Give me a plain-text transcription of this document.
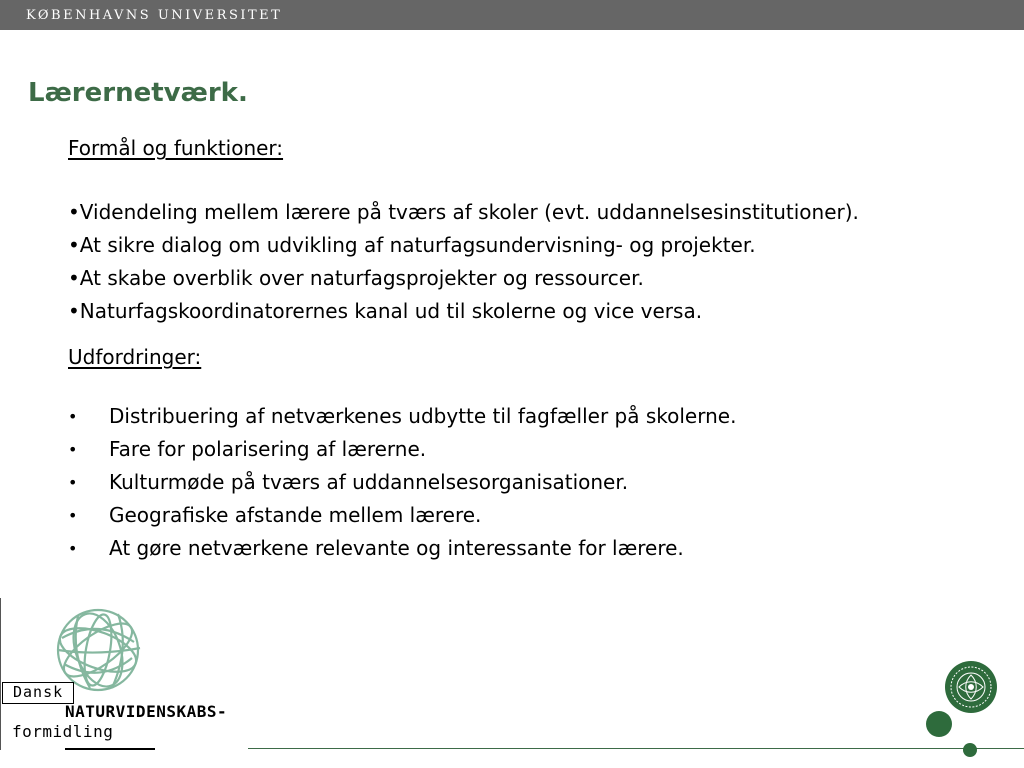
KØBENHAVNS UNIVERSITET
Lærernetværk.
Formål og funktioner:
•Videndeling mellem lærere på tværs af skoler (evt. uddannelsesinstitutioner).
•At sikre dialog om udvikling af naturfagsundervisning- og projekter.
•At skabe overblik over naturfagsprojekter og ressourcer.
•Naturfagskoordinatorernes kanal ud til skolerne og vice versa.
Udfordringer:
• Distribuering af netværkenes udbytte til fagfæller på skolerne.
• Fare for polarisering af lærerne.
• Kulturmøde på tværs af uddannelsesorganisationer.
• Geografiske afstande mellem lærere.
• At gøre netværkene relevante og interessante for lærere.
Dansk
NATURVIDENSKABS-
formidling
